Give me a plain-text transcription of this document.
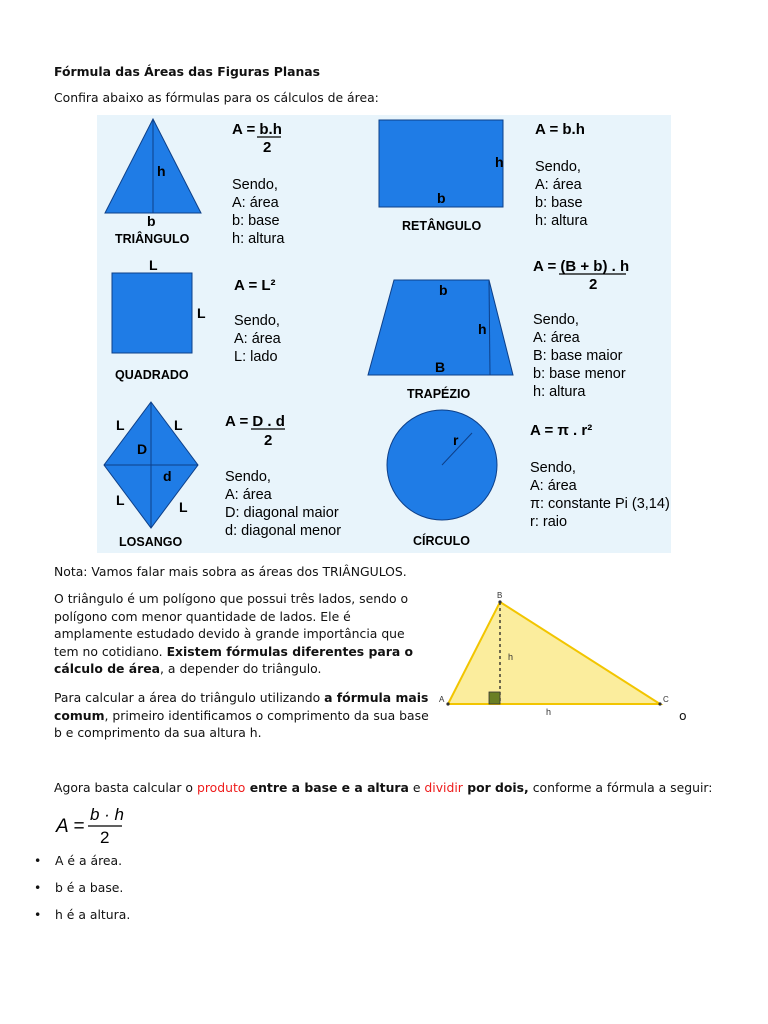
Fórmula das Áreas das Figuras Planas

Confira abaixo as fórmulas para os cálculos de área:

h
b
TRIÂNGULO
A = b.h
2
Sendo,
A: área
b: base
h: altura
h
b
RETÂNGULO
A = b.h
Sendo,
A: área
b: base
h: altura
L
L
QUADRADO
A = L²
Sendo,
A: área
L: lado
b
h
B
TRAPÉZIO
A = (B + b) . h
2
Sendo,
A: área
B: base maior
b: base menor
h: altura
L	L
L	L
D
d
LOSANGO
A = D . d
2
Sendo,
A: área
D: diagonal maior
d: diagonal menor
r
CÍRCULO
A = π . r²
Sendo,
A: área
π: constante Pi (3,14)
r: raio

Nota: Vamos falar mais sobra as áreas dos TRIÂNGULOS.

O triângulo é um polígono que possui três lados, sendo o polígono com menor quantidade de lados. Ele é amplamente estudado devido à grande importância que tem no cotidiano. Existem fórmulas diferentes para o cálculo de área, a depender do triângulo.

Para calcular a área do triângulo utilizando a fórmula mais comum, primeiro identificamos o comprimento da sua base b e comprimento da sua altura h.

o

B
A	C
h
h

Agora basta calcular o produto entre a base e a altura e dividir por dois, conforme a fórmula a seguir:

A =
b · h
2
• A é a área.
• b é a base.
• h é a altura.
